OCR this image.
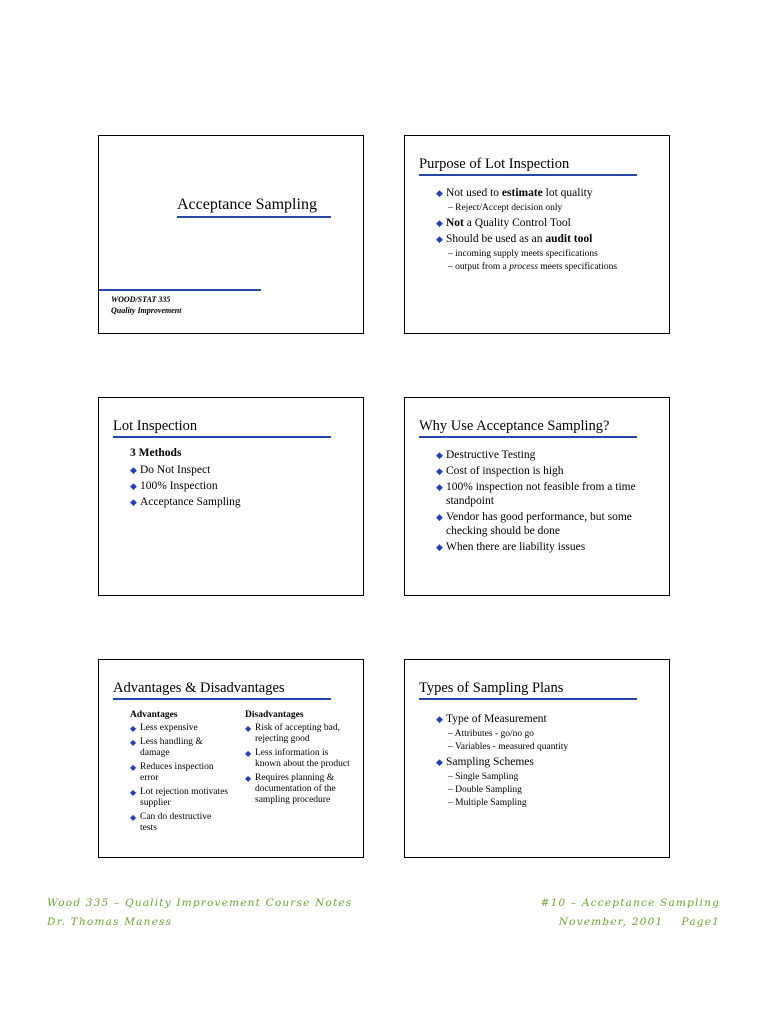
Acceptance Sampling
WOOD/STAT 335
Quality Improvement
Purpose of Lot Inspection
◆ Not used to estimate lot quality
– Reject/Accept decision only
◆ Not a Quality Control Tool
◆ Should be used as an audit tool
– incoming supply meets specifications
– output from a process meets specifications
Lot Inspection
3 Methods
◆ Do Not Inspect
◆ 100% Inspection
◆ Acceptance Sampling
Why Use Acceptance Sampling?
◆ Destructive Testing
◆ Cost of inspection is high
◆ 100% inspection not feasible from a time standpoint
◆ Vendor has good performance, but some checking should be done
◆ When there are liability issues
Advantages & Disadvantages
Advantages
◆ Less expensive
◆ Less handling & damage
◆ Reduces inspection error
◆ Lot rejection motivates supplier
◆ Can do destructive tests
Disadvantages
◆ Risk of accepting bad, rejecting good
◆ Less information is known about the product
◆ Requires planning & documentation of the sampling procedure
Types of Sampling Plans
◆ Type of Measurement
– Attributes - go/no go
– Variables - measured quantity
◆ Sampling Schemes
– Single Sampling
– Double Sampling
– Multiple Sampling
Wood 335 – Quality Improvement Course Notes
Dr. Thomas Maness
#10 – Acceptance Sampling
November, 2001    Page1
